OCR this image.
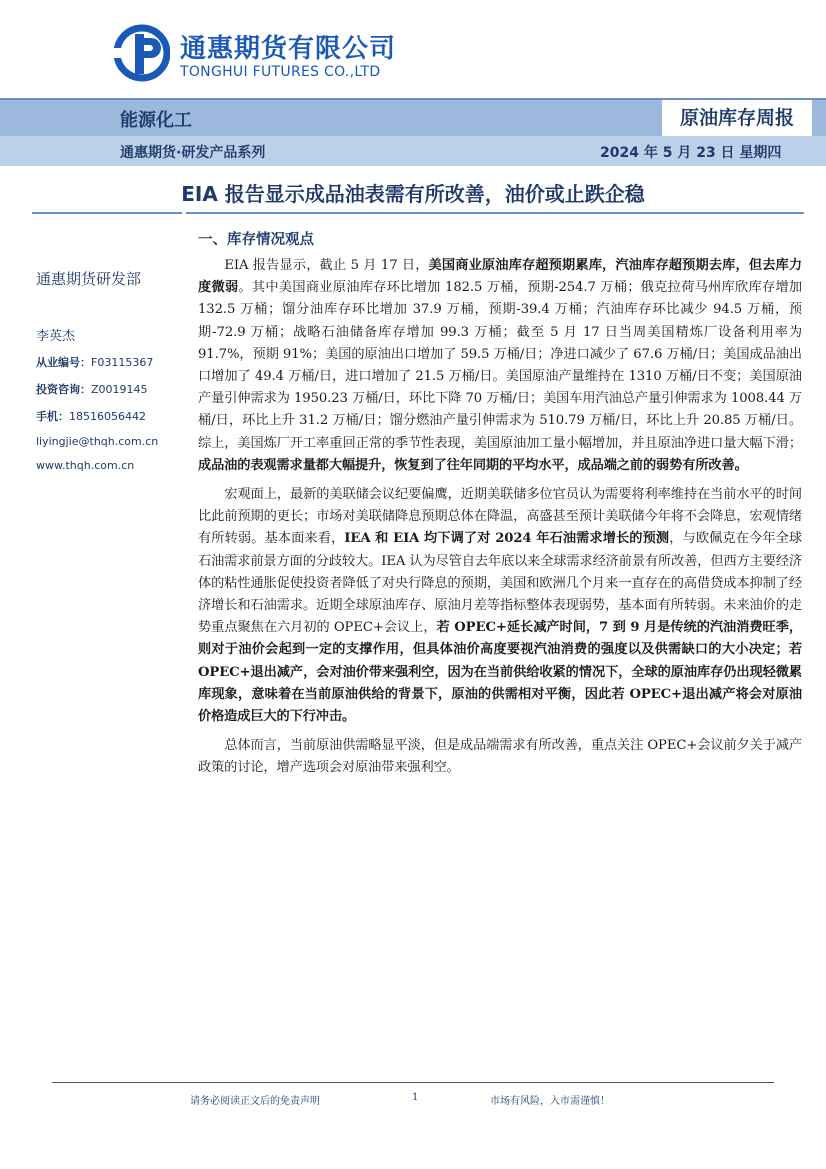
通惠期货有限公司
TONGHUI FUTURES CO.,LTD
能源化工	原油库存周报
通惠期货·研发产品系列	2024 年 5 月 23 日 星期四
EIA 报告显示成品油表需有所改善，油价或止跌企稳
一、库存情况观点
通惠期货研发部
李英杰
从业编号：F03115367
投资咨询：Z0019145
手机：18516056442
liyingjie@thqh.com.cn
www.thqh.com.cn

EIA 报告显示，截止 5 月 17 日，美国商业原油库存超预期累库，汽油库存超预期去库，但去库力度微弱。其中美国商业原油库存环比增加 182.5 万桶，预期-254.7 万桶；俄克拉荷马州库欣库存增加 132.5 万桶；馏分油库存环比增加 37.9 万桶，预期-39.4 万桶；汽油库存环比减少 94.5 万桶，预期-72.9 万桶；战略石油储备库存增加 99.3 万桶；截至 5 月 17 日当周美国精炼厂设备利用率为 91.7%，预期 91%；美国的原油出口增加了 59.5 万桶/日；净进口减少了 67.6 万桶/日；美国成品油出口增加了 49.4 万桶/日，进口增加了 21.5 万桶/日。美国原油产量维持在 1310 万桶/日不变；美国原油产量引伸需求为 1950.23 万桶/日，环比下降 70 万桶/日；美国车用汽油总产量引伸需求为 1008.44 万桶/日，环比上升 31.2 万桶/日；馏分燃油产量引伸需求为 510.79 万桶/日，环比上升 20.85 万桶/日。综上，美国炼厂开工率重回正常的季节性表现，美国原油加工量小幅增加，并且原油净进口量大幅下滑；成品油的表观需求量都大幅提升，恢复到了往年同期的平均水平，成品端之前的弱势有所改善。

宏观面上，最新的美联储会议纪要偏鹰，近期美联储多位官员认为需要将利率维持在当前水平的时间比此前预期的更长；市场对美联储降息预期总体在降温，高盛甚至预计美联储今年将不会降息，宏观情绪有所转弱。基本面来看，IEA 和 EIA 均下调了对 2024 年石油需求增长的预测，与欧佩克在今年全球石油需求前景方面的分歧较大。IEA 认为尽管自去年底以来全球需求经济前景有所改善，但西方主要经济体的粘性通胀促使投资者降低了对央行降息的预期，美国和欧洲几个月来一直存在的高借贷成本抑制了经济增长和石油需求。近期全球原油库存、原油月差等指标整体表现弱势，基本面有所转弱。未来油价的走势重点聚焦在六月初的 OPEC+会议上，若 OPEC+延长减产时间，7 到 9 月是传统的汽油消费旺季，则对于油价会起到一定的支撑作用，但具体油价高度要视汽油消费的强度以及供需缺口的大小决定；若 OPEC+退出减产，会对油价带来强利空，因为在当前供给收紧的情况下，全球的原油库存仍出现轻微累库现象，意味着在当前原油供给的背景下，原油的供需相对平衡，因此若 OPEC+退出减产将会对原油价格造成巨大的下行冲击。

总体而言，当前原油供需略显平淡，但是成品端需求有所改善，重点关注 OPEC+会议前夕关于减产政策的讨论，增产选项会对原油带来强利空。

请务必阅读正文后的免责声明	1	市场有风险，入市需谨慎！
